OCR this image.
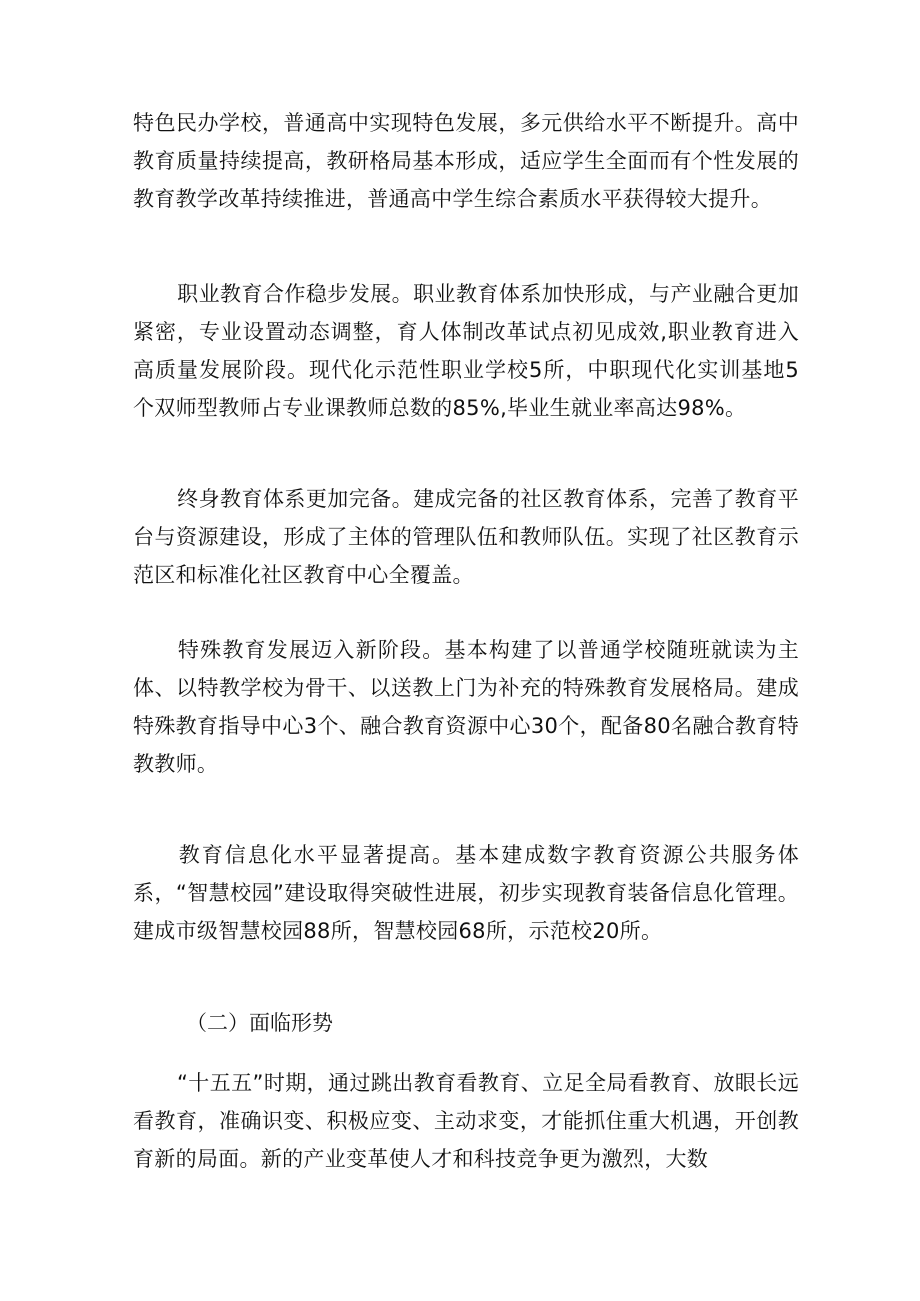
特色民办学校，普通高中实现特色发展，多元供给水平不断提升。高中教育质量持续提高，教研格局基本形成，适应学生全面而有个性发展的教育教学改革持续推进，普通高中学生综合素质水平获得较大提升。

职业教育合作稳步发展。职业教育体系加快形成，与产业融合更加紧密，专业设置动态调整，育人体制改革试点初见成效,职业教育进入高质量发展阶段。现代化示范性职业学校5所，中职现代化实训基地5个双师型教师占专业课教师总数的85%,毕业生就业率高达98%。

终身教育体系更加完备。建成完备的社区教育体系，完善了教育平台与资源建设，形成了主体的管理队伍和教师队伍。实现了社区教育示范区和标准化社区教育中心全覆盖。

特殊教育发展迈入新阶段。基本构建了以普通学校随班就读为主体、以特教学校为骨干、以送教上门为补充的特殊教育发展格局。建成特殊教育指导中心3个、融合教育资源中心30个，配备80名融合教育特教教师。

教育信息化水平显著提高。基本建成数字教育资源公共服务体系，“智慧校园”建设取得突破性进展，初步实现教育装备信息化管理。建成市级智慧校园88所，智慧校园68所，示范校20所。

（二）面临形势

“十五五”时期，通过跳出教育看教育、立足全局看教育、放眼长远看教育，准确识变、积极应变、主动求变，才能抓住重大机遇，开创教育新的局面。新的产业变革使人才和科技竞争更为激烈，大数
